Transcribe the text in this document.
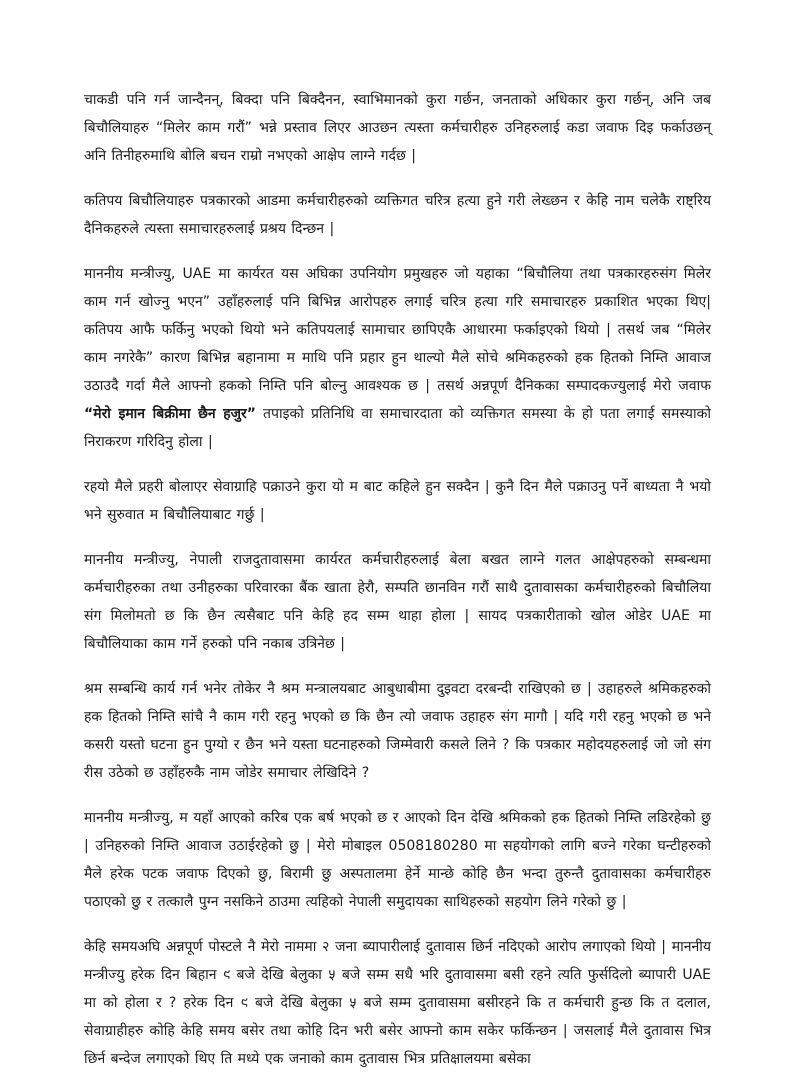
चाकडी पनि गर्न जान्दैनन्, बिक्दा पनि बिक्दैनन, स्वाभिमानको कुरा गर्छन, जनताको अधिकार कुरा गर्छन्, अनि जब बिचौलियाहरु “मिलेर काम गरौं” भन्ने प्रस्ताव लिएर आउछन त्यस्ता कर्मचारीहरु उनिहरुलाई कडा जवाफ दिइ फर्काउछन् अनि तिनीहरुमाथि बोलि बचन राम्रो नभएको आक्षेप लाग्ने गर्दछ |

कतिपय बिचौलियाहरु पत्रकारको आडमा कर्मचारीहरुको व्यक्तिगत चरित्र हत्या हुने गरी लेख्छन र केहि नाम चलेकै राष्ट्रिय दैनिकहरुले त्यस्ता समाचारहरुलाई प्रश्रय दिन्छन |

माननीय मन्त्रीज्यु, UAE मा कार्यरत यस अघिका उपनियोग प्रमुखहरु जो यहाका “बिचौलिया तथा पत्रकारहरुसंग मिलेर काम गर्न खोज्नु भएन” उहाँहरुलाई पनि बिभिन्न आरोपहरु लगाई चरित्र हत्या गरि समाचारहरु प्रकाशित भएका थिए| कतिपय आफै फर्किनु भएको थियो भने कतिपयलाई सामाचार छापिएकै आधारमा फर्काइएको थियो | तसर्थ जब “मिलेर काम नगरेकै” कारण बिभिन्न बहानामा म माथि पनि प्रहार हुन थाल्यो मैले सोचे श्रमिकहरुको हक हितको निम्ति आवाज उठाउदै गर्दा मैले आफ्नो हकको निम्ति पनि बोल्नु आवश्यक छ | तसर्थ अन्नपूर्ण दैनिकका सम्पादकज्युलाई मेरो जवाफ “मेरो इमान बिक्रीमा छैन हजुर” तपाइको प्रतिनिधि वा समाचारदाता को व्यक्तिगत समस्या के हो पता लगाई समस्याको निराकरण गरिदिनु होला |

रहयो मैले प्रहरी बोलाएर सेवाग्राहि पक्राउने कुरा यो म बाट कहिले हुन सक्दैन | कुनै दिन मैले पक्राउनु पर्ने बाध्यता नै भयो भने सुरुवात म बिचौलियाबाट गर्छु |

माननीय मन्त्रीज्यु, नेपाली राजदुतावासमा कार्यरत कर्मचारीहरुलाई बेला बखत लाग्ने गलत आक्षेपहरुको सम्बन्धमा कर्मचारीहरुका तथा उनीहरुका परिवारका बैंक खाता हेरौ, सम्पति छानविन गरौं साथै दुतावासका कर्मचारीहरुको बिचौलिया संग मिलोमतो छ कि छैन त्यसैबाट पनि केहि हद सम्म थाहा होला | सायद पत्रकारीताको खोल ओडेर UAE मा बिचौलियाका काम गर्ने हरुको पनि नकाब उत्रिनेछ |

श्रम सम्बन्धि कार्य गर्न भनेर तोकेर नै श्रम मन्त्रालयबाट आबुधाबीमा दुइवटा दरबन्दी राखिएको छ | उहाहरुले श्रमिकहरुको हक हितको निम्ति सांचै नै काम गरी रहनु भएको छ कि छैन त्यो जवाफ उहाहरु संग मागौ | यदि गरी रहनु भएको छ भने कसरी यस्तो घटना हुन पुग्यो र छैन भने यस्ता घटनाहरुको जिम्मेवारी कसले लिने ? कि पत्रकार महोदयहरुलाई जो जो संग रीस उठेको छ उहाँहरुकै नाम जोडेर समाचार लेखिदिने ?

माननीय मन्त्रीज्यु, म यहाँ आएको करिब एक बर्ष भएको छ र आएको दिन देखि श्रमिकको हक हितको निम्ति लडिरहेको छु | उनिहरुको निम्ति आवाज उठाईरहेको छु | मेरो मोबाइल 0508180280 मा सहयोगको लागि बज्ने गरेका घन्टीहरुको मैले हरेक पटक जवाफ दिएको छु, बिरामी छु अस्पतालमा हेर्ने मान्छे कोहि छैन भन्दा तुरुन्तै दुतावासका कर्मचारीहरु पठाएको छु र तत्कालै पुग्न नसकिने ठाउमा त्यहिको नेपाली समुदायका साथिहरुको सहयोग लिने गरेको छु |

केहि समयअघि अन्नपूर्ण पोस्टले नै मेरो नाममा २ जना ब्यापारीलाई दुतावास छिर्न नदिएको आरोप लगाएको थियो | माननीय मन्त्रीज्यु हरेक दिन बिहान ९ बजे देखि बेलुका ५ बजे सम्म सधै भरि दुतावासमा बसी रहने त्यति फुर्सदिलो ब्यापारी UAE मा को होला र ? हरेक दिन ९ बजे देखि बेलुका ५ बजे सम्म दुतावासमा बसीरहने कि त कर्मचारी हुन्छ कि त दलाल, सेवाग्राहीहरु कोहि केहि समय बसेर तथा कोहि दिन भरी बसेर आफ्नो काम सकेर फर्किन्छन | जसलाई मैले दुतावास भित्र छिर्न बन्देज लगाएको थिए ति मध्ये एक जनाको काम दुतावास भित्र प्रतिक्षालयमा बसेका
